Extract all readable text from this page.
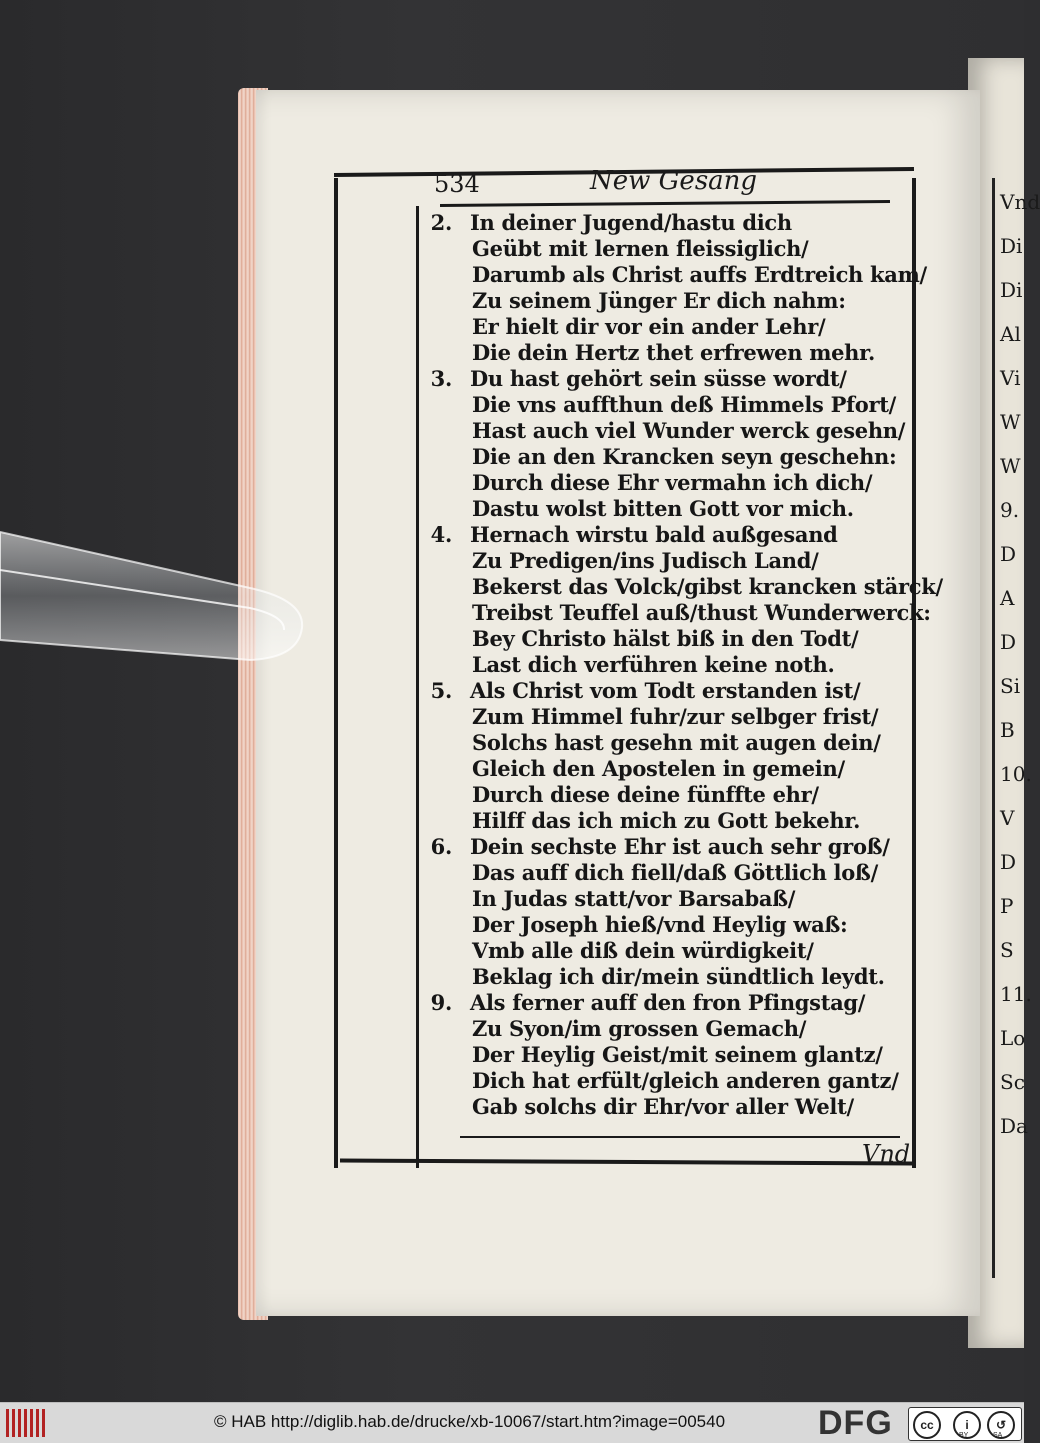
Vnd
Di
Di
Al
Vi
W
W
9.
D
A
D
Si
B
10.
V
D
P
S
11.
Lo
Sc
Da
534	New Gesang
2. In deiner Jugend/hastu dich
Geübt mit lernen fleissiglich/
Darumb als Christ auffs Erdtreich kam/
Zu seinem Jünger Er dich nahm:
Er hielt dir vor ein ander Lehr/
Die dein Hertz thet erfrewen mehr.
3. Du hast gehört sein süsse wordt/
Die vns auffthun deß Himmels Pfort/
Hast auch viel Wunder werck gesehn/
Die an den Krancken seyn geschehn:
Durch diese Ehr vermahn ich dich/
Dastu wolst bitten Gott vor mich.
4. Hernach wirstu bald außgesand
Zu Predigen/ins Judisch Land/
Bekerst das Volck/gibst krancken stärck/
Treibst Teuffel auß/thust Wunderwerck:
Bey Christo hälst biß in den Todt/
Last dich verführen keine noth.
5. Als Christ vom Todt erstanden ist/
Zum Himmel fuhr/zur selbger frist/
Solchs hast gesehn mit augen dein/
Gleich den Apostelen in gemein/
Durch diese deine fünffte ehr/
Hilff das ich mich zu Gott bekehr.
6. Dein sechste Ehr ist auch sehr groß/
Das auff dich fiell/daß Göttlich loß/
In Judas statt/vor Barsabaß/
Der Joseph hieß/vnd Heylig waß:
Vmb alle diß dein würdigkeit/
Beklag ich dir/mein sündtlich leydt.
9. Als ferner auff den fron Pfingstag/
Zu Syon/im grossen Gemach/
Der Heylig Geist/mit seinem glantz/
Dich hat erfült/gleich anderen gantz/
Gab solchs dir Ehr/vor aller Welt/
Vnd
© HAB http://diglib.hab.de/drucke/xb-10067/start.htm?image=00540	DFG	cc	i	↺
BY	SA
